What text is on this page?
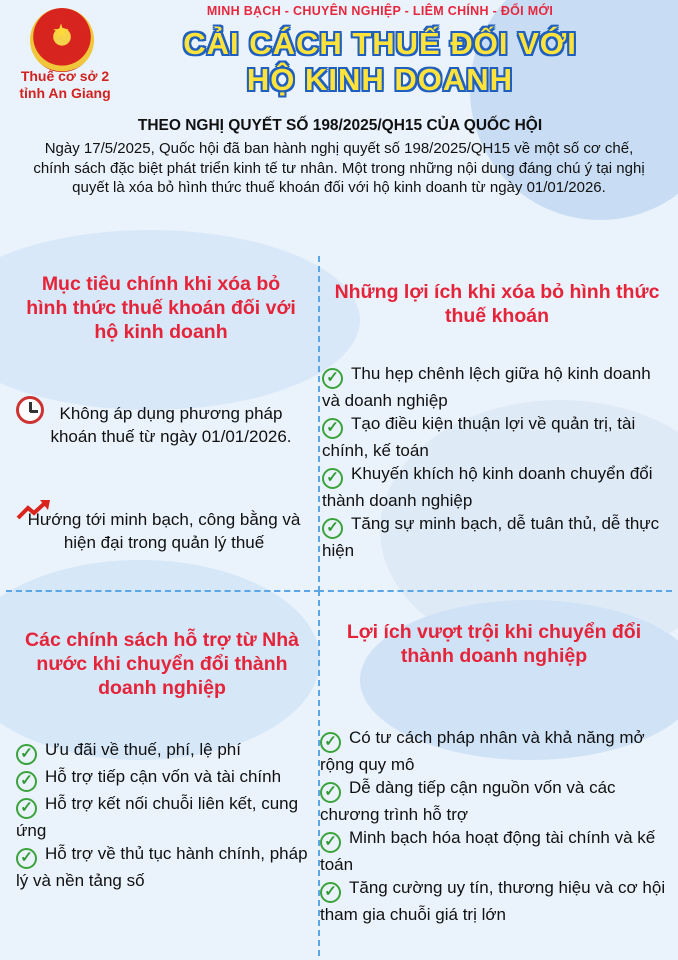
★
Thuế cơ sở 2 tỉnh An Giang
MINH BẠCH - CHUYÊN NGHIỆP - LIÊM CHÍNH - ĐỔI MỚI
CẢI CÁCH THUẾ ĐỐI VỚI
HỘ KINH DOANH
THEO NGHỊ QUYẾT SỐ 198/2025/QH15 CỦA QUỐC HỘI
Ngày 17/5/2025, Quốc hội đã ban hành nghị quyết số 198/2025/QH15 về một số cơ chế, chính sách đặc biệt phát triển kinh tế tư nhân. Một trong những nội dung đáng chú ý tại nghị quyết là xóa bỏ hình thức thuế khoán đối với hộ kinh doanh từ ngày 01/01/2026.
Mục tiêu chính khi xóa bỏ hình thức thuế khoán đối với hộ kinh doanh
Không áp dụng phương pháp khoán thuế từ ngày 01/01/2026.
Hướng tới minh bạch, công bằng và hiện đại trong quản lý thuế
Những lợi ích khi xóa bỏ hình thức thuế khoán
✓ Thu hẹp chênh lệch giữa hộ kinh doanh và doanh nghiệp
✓ Tạo điều kiện thuận lợi về quản trị, tài chính, kế toán
✓ Khuyến khích hộ kinh doanh chuyển đổi thành doanh nghiệp
✓ Tăng sự minh bạch, dễ tuân thủ, dễ thực hiện
Các chính sách hỗ trợ từ Nhà nước khi chuyển đổi thành doanh nghiệp
✓ Ưu đãi về thuế, phí, lệ phí
✓ Hỗ trợ tiếp cận vốn và tài chính
✓ Hỗ trợ kết nối chuỗi liên kết, cung ứng
✓ Hỗ trợ về thủ tục hành chính, pháp lý và nền tảng số
Lợi ích vượt trội khi chuyển đổi thành doanh nghiệp
✓ Có tư cách pháp nhân và khả năng mở rộng quy mô
✓ Dễ dàng tiếp cận nguồn vốn và các chương trình hỗ trợ
✓ Minh bạch hóa hoạt động tài chính và kế toán
✓ Tăng cường uy tín, thương hiệu và cơ hội tham gia chuỗi giá trị lớn
